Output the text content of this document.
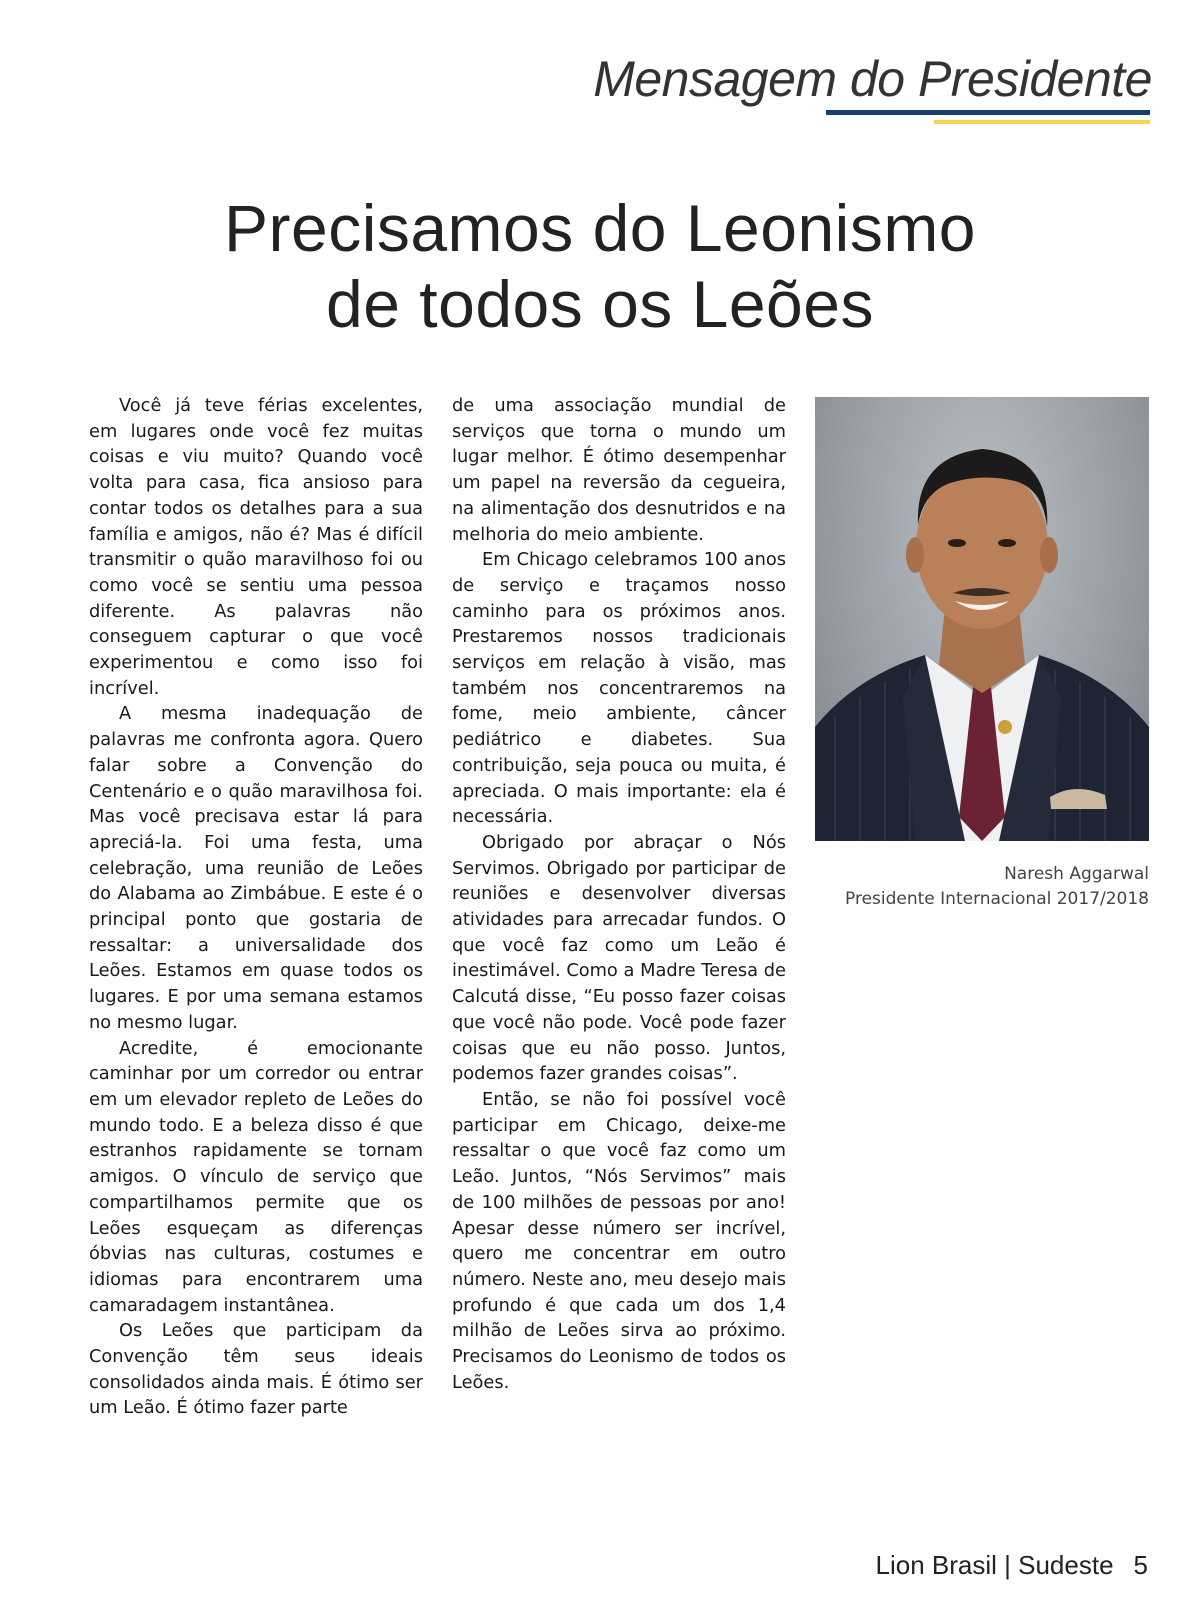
Mensagem do Presidente
Precisamos do Leonismo
de todos os Leões

Você já teve férias excelentes, em lugares onde você fez muitas coisas e viu muito? Quando você volta para casa, fica ansioso para contar todos os detalhes para a sua família e amigos, não é? Mas é difícil transmitir o quão maravilhoso foi ou como você se sentiu uma pessoa diferente. As palavras não conseguem capturar o que você experimentou e como isso foi incrível.

A mesma inadequação de palavras me confronta agora. Quero falar sobre a Convenção do Centenário e o quão maravilhosa foi. Mas você precisava estar lá para apreciá-la. Foi uma festa, uma celebração, uma reunião de Leões do Alabama ao Zimbábue. E este é o principal ponto que gostaria de ressaltar: a universalidade dos Leões. Estamos em quase todos os lugares. E por uma semana estamos no mesmo lugar.

Acredite, é emocionante caminhar por um corredor ou entrar em um elevador repleto de Leões do mundo todo. E a beleza disso é que estranhos rapidamente se tornam amigos. O vínculo de serviço que compartilhamos permite que os Leões esqueçam as diferenças óbvias nas culturas, costumes e idiomas para encontrarem uma camaradagem instantânea.

Os Leões que participam da Convenção têm seus ideais consolidados ainda mais. É ótimo ser um Leão. É ótimo fazer parte

de uma associação mundial de serviços que torna o mundo um lugar melhor. É ótimo desempenhar um papel na reversão da cegueira, na alimentação dos desnutridos e na melhoria do meio ambiente.

Em Chicago celebramos 100 anos de serviço e traçamos nosso caminho para os próximos anos. Prestaremos nossos tradicionais serviços em relação à visão, mas também nos concentraremos na fome, meio ambiente, câncer pediátrico e diabetes. Sua contribuição, seja pouca ou muita, é apreciada. O mais importante: ela é necessária.

Obrigado por abraçar o Nós Servimos. Obrigado por participar de reuniões e desenvolver diversas atividades para arrecadar fundos. O que você faz como um Leão é inestimável. Como a Madre Teresa de Calcutá disse, “Eu posso fazer coisas que você não pode. Você pode fazer coisas que eu não posso. Juntos, podemos fazer grandes coisas”.

Então, se não foi possível você participar em Chicago, deixe-me ressaltar o que você faz como um Leão. Juntos, “Nós Servimos” mais de 100 milhões de pessoas por ano! Apesar desse número ser incrível, quero me concentrar em outro número. Neste ano, meu desejo mais profundo é que cada um dos 1,4 milhão de Leões sirva ao próximo. Precisamos do Leonismo de todos os Leões.

Naresh Aggarwal
Presidente Internacional 2017/2018
Lion Brasil | Sudeste 5
